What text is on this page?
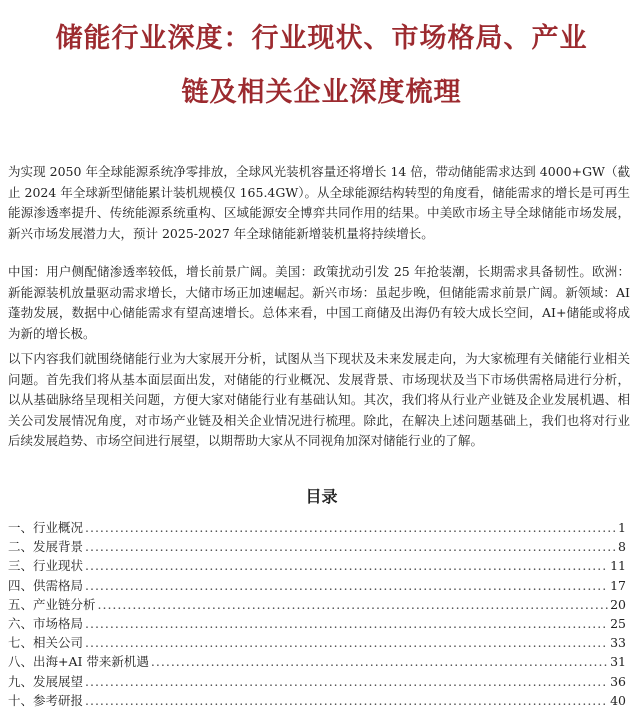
储能行业深度：行业现状、市场格局、产业
链及相关企业深度梳理

为实现 2050 年全球能源系统净零排放，全球风光装机容量还将增长 14 倍，带动储能需求达到 4000+GW（截止 2024 年全球新型储能累计装机规模仅 165.4GW）。从全球能源结构转型的角度看，储能需求的增长是可再生能源渗透率提升、传统能源系统重构、区域能源安全博弈共同作用的结果。中美欧市场主导全球储能市场发展，新兴市场发展潜力大，预计 2025-2027 年全球储能新增装机量将持续增长。

中国：用户侧配储渗透率较低，增长前景广阔。美国：政策扰动引发 25 年抢装潮，长期需求具备韧性。欧洲：新能源装机放量驱动需求增长，大储市场正加速崛起。新兴市场：虽起步晚，但储能需求前景广阔。新领域：AI 蓬勃发展，数据中心储能需求有望高速增长。总体来看，中国工商储及出海仍有较大成长空间，AI+储能或将成为新的增长极。

以下内容我们就围绕储能行业为大家展开分析，试图从当下现状及未来发展走向，为大家梳理有关储能行业相关问题。首先我们将从基本面层面出发，对储能的行业概况、发展背景、市场现状及当下市场供需格局进行分析，以从基础脉络呈现相关问题，方便大家对储能行业有基础认知。其次，我们将从行业产业链及企业发展机遇、相关公司发展情况角度，对市场产业链及相关企业情况进行梳理。除此，在解决上述问题基础上，我们也将对行业后续发展趋势、市场空间进行展望，以期帮助大家从不同视角加深对储能行业的了解。

目录
一、行业概况 .....	1
二、发展背景 .....	8
三、行业现状 .....	11
四、供需格局 .....	17
五、产业链分析 .....	20
六、市场格局 .....	25
七、相关公司 .....	33
八、出海+AI 带来新机遇 .....	31
九、发展展望 .....	36
十、参考研报 .....	40
